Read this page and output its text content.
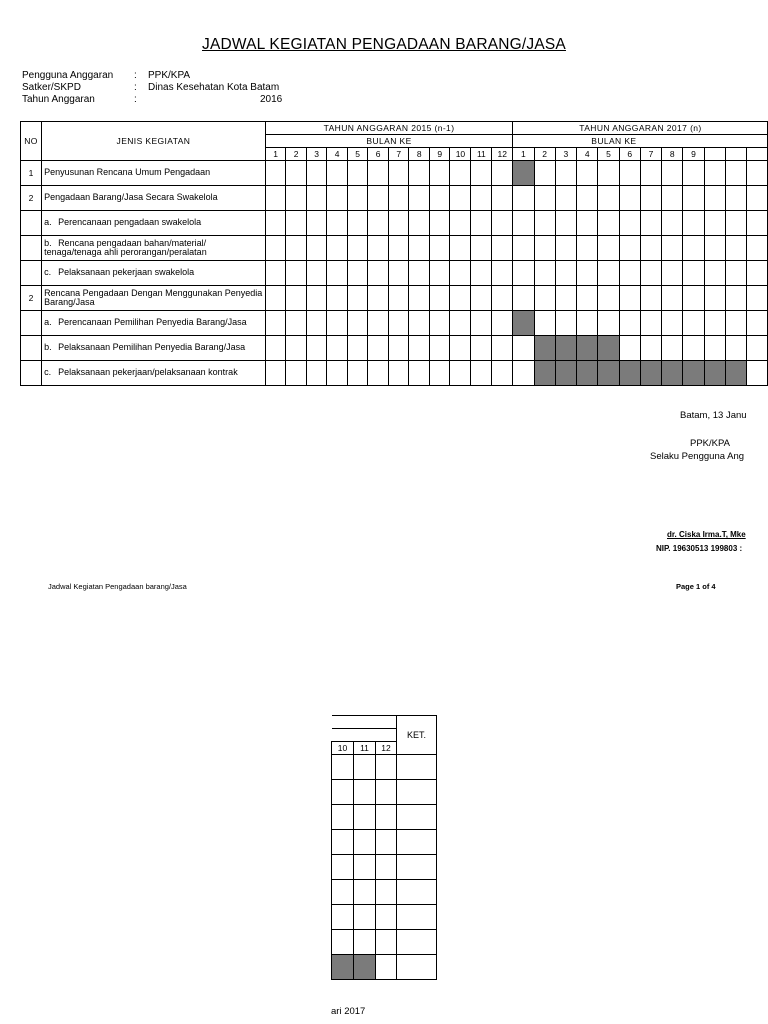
JADWAL KEGIATAN PENGADAAN BARANG/JASA
Pengguna Anggaran : PPK/KPA
Satker/SKPD	: Dinas Kesehatan Kota Batam
Tahun Anggaran	:	2016
NO	JENIS KEGIATAN	TAHUN ANGGARAN 2015 (n-1)												TAHUN ANGGARAN 2017 (n)											
		BULAN KE												BULAN KE											
		1	2	3	4	5	6	7	8	9	10	11	12	1	2	3	4	5	6	7	8	9			
1	Penyusunan Rencana Umum Pengadaan																								
2	Pengadaan Barang/Jasa Secara Swakelola																								
	a. Perencanaan pengadaan swakelola																								
	b. Rencana pengadaan bahan/material/ tenaga/tenaga ahli perorangan/peralatan																								
	c. Pelaksanaan pekerjaan swakelola																								
2	Rencana Pengadaan Dengan Menggunakan Penyedia Barang/Jasa																								
	a. Perencanaan Pemilihan Penyedia Barang/Jasa																								
	b. Pelaksanaan Pemilihan Penyedia Barang/Jasa																								
	c. Pelaksanaan pekerjaan/pelaksanaan kontrak																								
Batam, 13 Janu
PPK/KPA
Selaku Pengguna Ang
dr. Ciska Irma.T, Mke
NIP. 19630513 199803 :
Jadwal Kegiatan Pengadaan barang/Jasa	Page 1 of 4
			KET.

10	11	12	

ari 2017
